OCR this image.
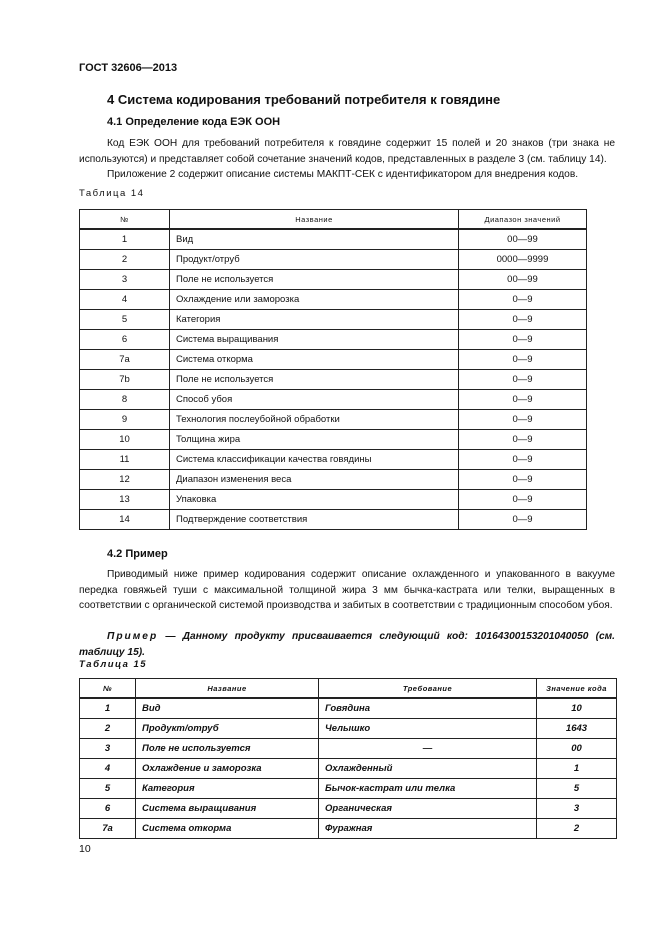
ГОСТ 32606—2013
4 Система кодирования требований потребителя к говядине
4.1 Определение кода ЕЭК ООН

Код ЕЭК ООН для требований потребителя к говядине содержит 15 полей и 20 знаков (три знака не используются) и представляет собой сочетание значений кодов, представленных в разделе 3 (см. таблицу 14).

Приложение 2 содержит описание системы МАКПТ-СЕК с идентификатором для внедрения кодов.

Таблица 14
№	Название	Диапазон значений
1	Вид	00—99
2	Продукт/отруб	0000—9999
3	Поле не используется	00—99
4	Охлаждение или заморозка	0—9
5	Категория	0—9
6	Система выращивания	0—9
7a	Система откорма	0—9
7b	Поле не используется	0—9
8	Способ убоя	0—9
9	Технология послеубойной обработки	0—9
10	Толщина жира	0—9
11	Система классификации качества говядины	0—9
12	Диапазон изменения веса	0—9
13	Упаковка	0—9
14	Подтверждение соответствия	0—9
4.2 Пример

Приводимый ниже пример кодирования содержит описание охлажденного и упакованного в вакууме передка говяжьей туши с максимальной толщиной жира 3 мм бычка-кастрата или телки, выращенных в соответствии с органической системой производства и забитых в соответствии с традиционным способом убоя.

Пример — Данному продукту присваивается следующий код: 10164300153201040050 (см. таблицу 15).
Таблица 15
№	Название	Требование	Значение кода
1	Вид	Говядина	10
2	Продукт/отруб	Челышко	1643
3	Поле не используется	—	00
4	Охлаждение и заморозка	Охлажденный	1
5	Категория	Бычок-кастрат или телка	5
6	Система выращивания	Органическая	3
7a	Система откорма	Фуражная	2
10
